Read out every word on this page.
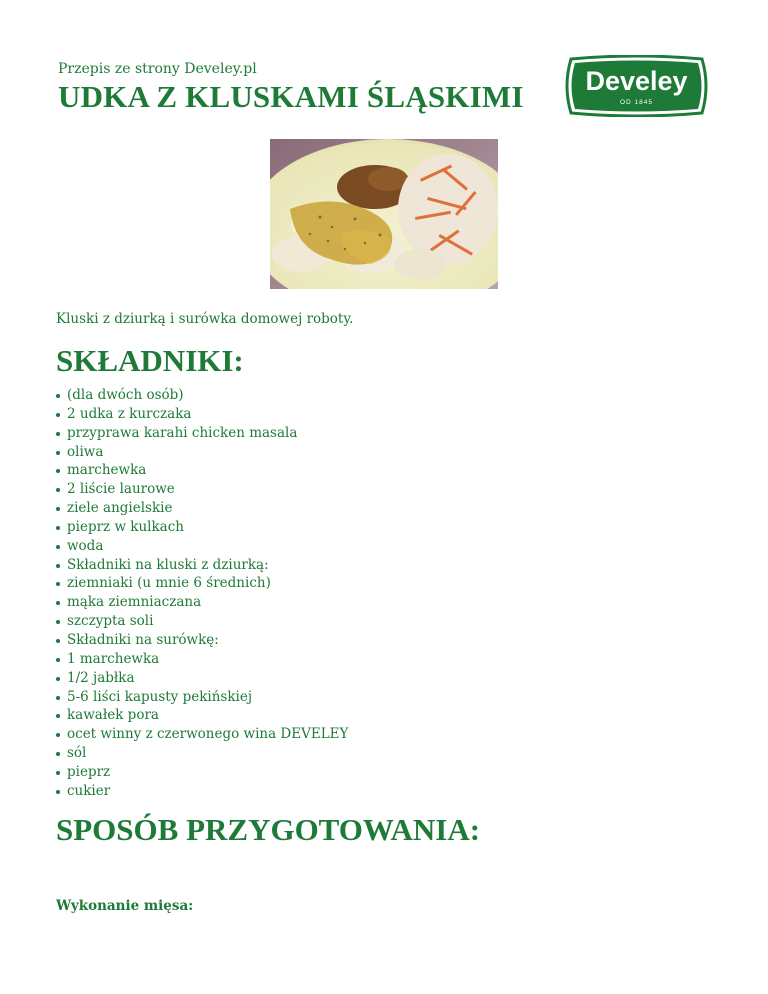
Przepis ze strony Develey.pl
UDKA Z KLUSKAMI ŚLĄSKIMI Develey
OD 1845
Kluski z dziurką i surówka domowej roboty.
SKŁADNIKI:
(dla dwóch osób)
2 udka z kurczaka
przyprawa karahi chicken masala
oliwa
marchewka
2 liście laurowe
ziele angielskie
pieprz w kulkach
woda
Składniki na kluski z dziurką:
ziemniaki (u mnie 6 średnich)
mąka ziemniaczana
szczypta soli
Składniki na surówkę:
1 marchewka
1/2 jabłka
5-6 liści kapusty pekińskiej
kawałek pora
ocet winny z czerwonego wina DEVELEY
sól
pieprz
cukier
SPOSÓB PRZYGOTOWANIA:
Wykonanie mięsa:
